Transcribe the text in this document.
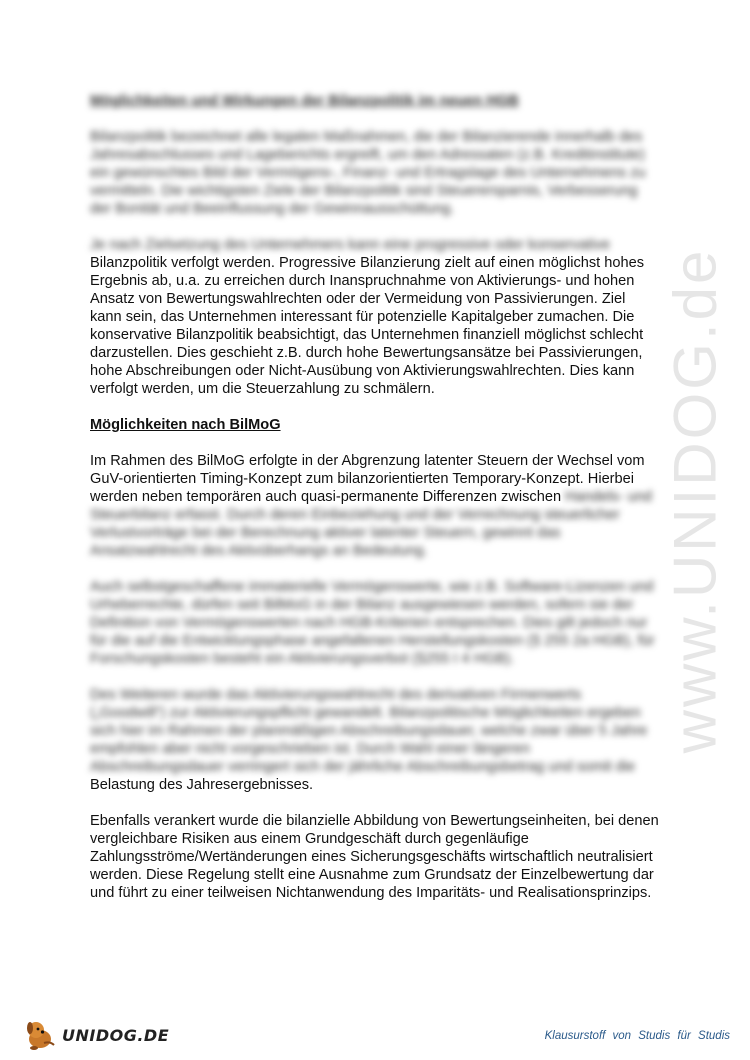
Möglichkeiten und Wirkungen der Bilanzpolitik im neuen HGB

Bilanzpolitik bezeichnet alle legalen Maßnahmen, die der Bilanzierende innerhalb des Jahresabschlusses und Lageberichts ergreift, um den Adressaten (z.B. Kreditinstitute) ein gewünschtes Bild der Vermögens-, Finanz- und Ertragslage des Unternehmens zu vermitteln. Die wichtigsten Ziele der Bilanzpolitik sind Steuerersparnis, Verbesserung der Bonität und Beeinflussung der Gewinnausschüttung.

Je nach Zielsetzung des Unternehmers kann eine progressive oder konservative Bilanzpolitik verfolgt werden. Progressive Bilanzierung zielt auf einen möglichst hohes Ergebnis ab, u.a. zu erreichen durch Inanspruchnahme von Aktivierungs- und hohen Ansatz von Bewertungswahlrechten oder der Vermeidung von Passivierungen. Ziel kann sein, das Unternehmen interessant für potenzielle Kapitalgeber zumachen. Die konservative Bilanzpolitik beabsichtigt, das Unternehmen finanziell möglichst schlecht darzustellen. Dies geschieht z.B. durch hohe Bewertungsansätze bei Passivierungen, hohe Abschreibungen oder Nicht-Ausübung von Aktivierungswahlrechten. Dies kann verfolgt werden, um die Steuerzahlung zu schmälern.

Möglichkeiten nach BilMoG

Im Rahmen des BilMoG erfolgte in der Abgrenzung latenter Steuern der Wechsel vom GuV-orientierten Timing-Konzept zum bilanzorientierten Temporary-Konzept. Hierbei werden neben temporären auch quasi-permanente Differenzen zwischen Handels- und Steuerbilanz erfasst. Durch deren Einbeziehung und der Verrechnung steuerlicher Verlustvorträge bei der Berechnung aktiver latenter Steuern, gewinnt das Ansatzwahlrecht des Aktivüberhangs an Bedeutung.

Auch selbstgeschaffene immaterielle Vermögenswerte, wie z.B. Software-Lizenzen und Urheberrechte, dürfen seit BilMoG in der Bilanz ausgewiesen werden, sofern sie der Definition von Vermögenswerten nach HGB-Kriterien entsprechen. Dies gilt jedoch nur für die auf die Entwicklungsphase angefallenen Herstellungskosten (§ 255 2a HGB), für Forschungskosten besteht ein Aktivierungsverbot (§255 I 4 HGB).

Des Weiteren wurde das Aktivierungswahlrecht des derivativen Firmenwerts („Goodwill“) zur Aktivierungspflicht gewandelt. Bilanzpolitische Möglichkeiten ergeben sich hier im Rahmen der planmäßigen Abschreibungsdauer, welche zwar über 5 Jahre empfohlen aber nicht vorgeschrieben ist. Durch Wahl einer längeren Abschreibungsdauer verringert sich der jährliche Abschreibungsbetrag und somit die Belastung des Jahresergebnisses.

Ebenfalls verankert wurde die bilanzielle Abbildung von Bewertungseinheiten, bei denen vergleichbare Risiken aus einem Grundgeschäft durch gegenläufige Zahlungsströme/Wertänderungen eines Sicherungsgeschäfts wirtschaftlich neutralisiert werden. Diese Regelung stellt eine Ausnahme zum Grundsatz der Einzelbewertung dar und führt zu einer teilweisen Nichtanwendung des Imparitäts- und Realisationsprinzips.

www.UNIDOG.de
UNIDOG.DE	Klausurstoff von Studis für Studis
